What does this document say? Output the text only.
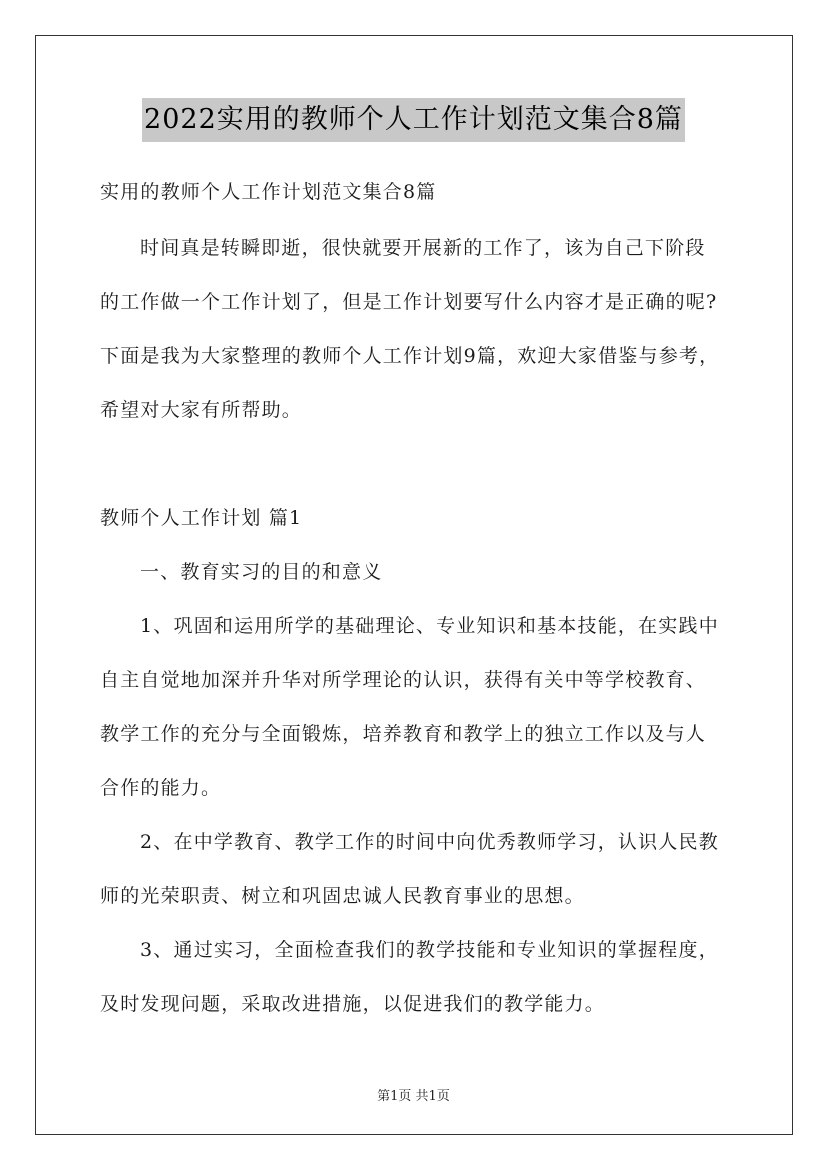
2022实用的教师个人工作计划范文集合8篇
实用的教师个人工作计划范文集合8篇
时间真是转瞬即逝，很快就要开展新的工作了，该为自己下阶段
的工作做一个工作计划了，但是工作计划要写什么内容才是正确的呢?
下面是我为大家整理的教师个人工作计划9篇，欢迎大家借鉴与参考，
希望对大家有所帮助。
教师个人工作计划 篇1
一、教育实习的目的和意义
1、巩固和运用所学的基础理论、专业知识和基本技能，在实践中
自主自觉地加深并升华对所学理论的认识，获得有关中等学校教育、
教学工作的充分与全面锻炼，培养教育和教学上的独立工作以及与人
合作的能力。
2、在中学教育、教学工作的时间中向优秀教师学习，认识人民教
师的光荣职责、树立和巩固忠诚人民教育事业的思想。
3、通过实习，全面检查我们的教学技能和专业知识的掌握程度，
及时发现问题，采取改进措施，以促进我们的教学能力。
第1页 共1页
